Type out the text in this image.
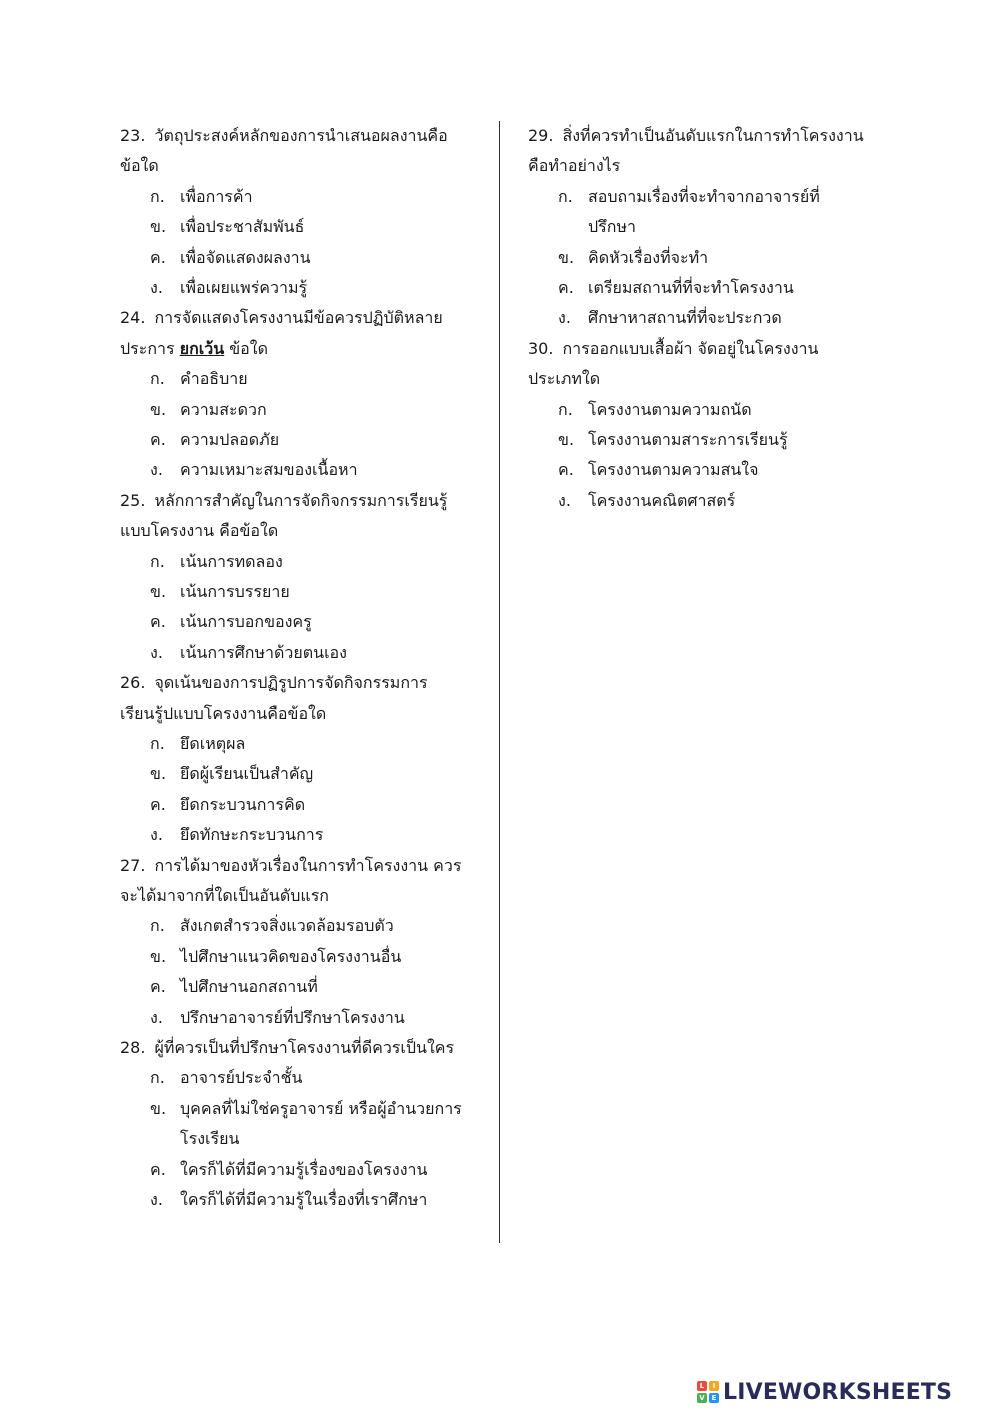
23. วัตถุประสงค์หลักของการนำเสนอผลงานคือ
ข้อใด
ก. เพื่อการค้า
ข. เพื่อประชาสัมพันธ์
ค. เพื่อจัดแสดงผลงาน
ง.	เพื่อเผยแพร่ความรู้
24. การจัดแสดงโครงงานมีข้อควรปฏิบัติหลาย
ประการ ยกเว้น ข้อใด
ก. คำอธิบาย
ข. ความสะดวก
ค. ความปลอดภัย
ง.	ความเหมาะสมของเนื้อหา
25. หลักการสำคัญในการจัดกิจกรรมการเรียนรู้
แบบโครงงาน คือข้อใด
ก. เน้นการทดลอง
ข. เน้นการบรรยาย
ค. เน้นการบอกของครู
ง.	เน้นการศึกษาด้วยตนเอง
26. จุดเน้นของการปฏิรูปการจัดกิจกรรมการ
เรียนรู้ปแบบโครงงานคือข้อใด
ก. ยึดเหตุผล
ข. ยึดผู้เรียนเป็นสำคัญ
ค. ยึดกระบวนการคิด
ง.	ยึดทักษะกระบวนการ
27. การได้มาของหัวเรื่องในการทำโครงงาน ควร
จะได้มาจากที่ใดเป็นอันดับแรก
ก. สังเกตสำรวจสิ่งแวดล้อมรอบตัว
ข. ไปศึกษาแนวคิดของโครงงานอื่น
ค. ไปศึกษานอกสถานที่
ง.	ปรึกษาอาจารย์ที่ปรึกษาโครงงาน
28. ผู้ที่ควรเป็นที่ปรึกษาโครงงานที่ดีควรเป็นใคร
ก. อาจารย์ประจำชั้น
ข. บุคคลที่ไม่ใช่ครูอาจารย์ หรือผู้อำนวยการ
โรงเรียน
ค. ใครก็ได้ที่มีความรู้เรื่องของโครงงาน
ง.	ใครก็ได้ที่มีความรู้ในเรื่องที่เราศึกษา
29. สิ่งที่ควรทำเป็นอันดับแรกในการทำโครงงาน
คือทำอย่างไร
ก. สอบถามเรื่องที่จะทำจากอาจารย์ที่
ปรึกษา
ข. คิดหัวเรื่องที่จะทำ
ค. เตรียมสถานที่ที่จะทำโครงงาน
ง.	ศึกษาหาสถานที่ที่จะประกวด
30. การออกแบบเสื้อผ้า จัดอยู่ในโครงงาน
ประเภทใด
ก. โครงงานตามความถนัด
ข. โครงงานตามสาระการเรียนรู้
ค. โครงงานตามความสนใจ
ง.	โครงงานคณิตศาสตร์
L	I
V E LIVEWORKSHEETS
